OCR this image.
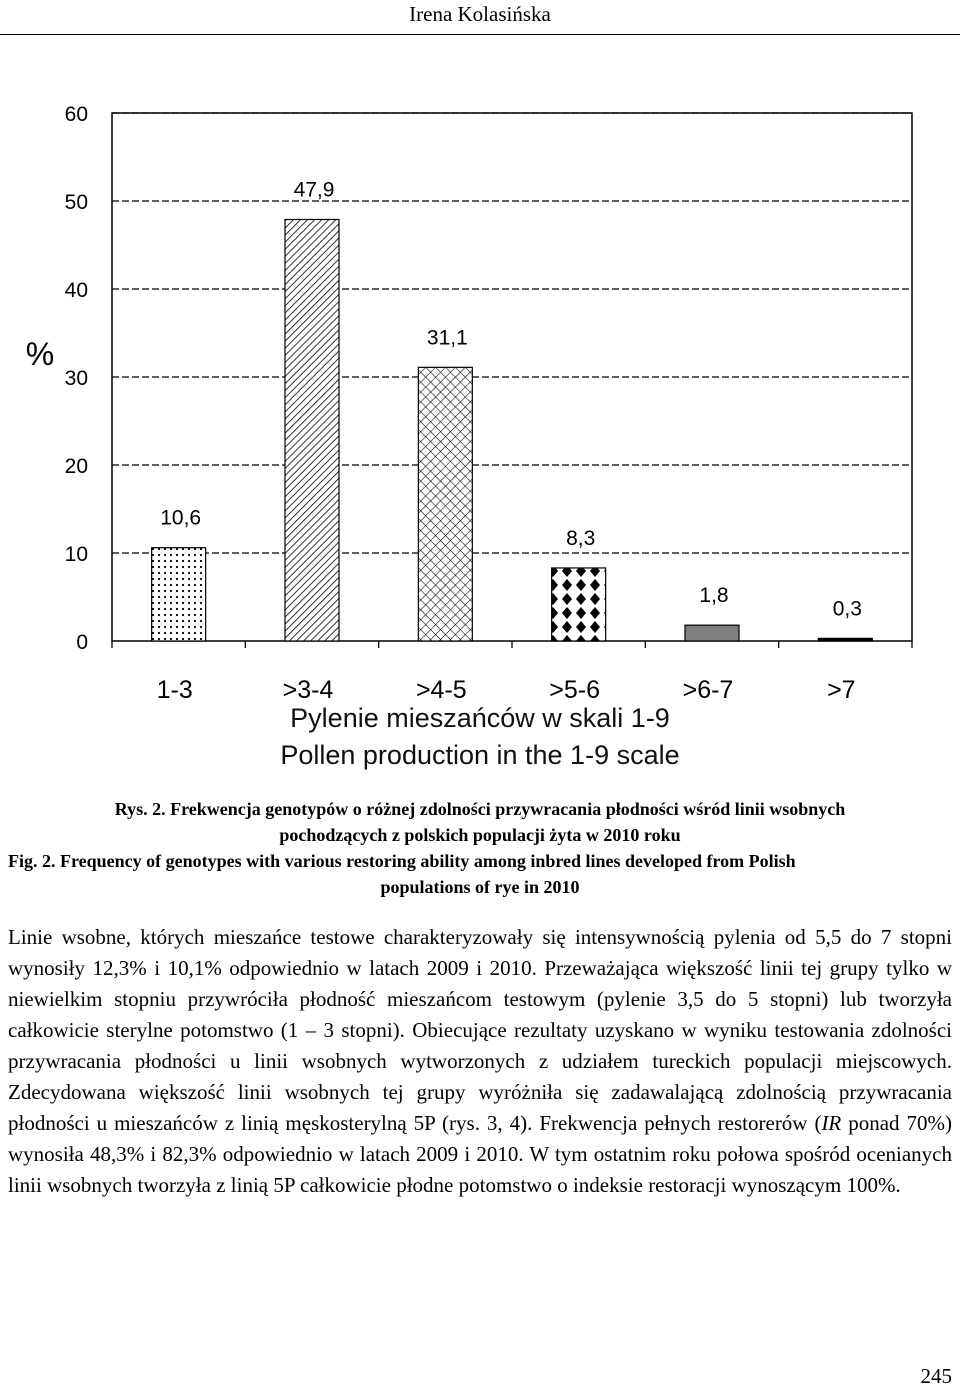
Irena Kolasińska
0
10
20
30
40
50
60
%
10,6
1-3
47,9
>3-4
31,1
>4-5
8,3
>5-6
1,8
>6-7
0,3
>7
Pylenie mieszańców w skali 1-9
Pollen production in the 1-9 scale
Rys. 2. Frekwencja genotypów o różnej zdolności przywracania płodności wśród linii wsobnych
pochodzących z polskich populacji żyta w 2010 roku
Fig. 2. Frequency of genotypes with various restoring ability among inbred lines developed from Polish
populations of rye in 2010

Linie wsobne, których mieszańce testowe charakteryzowały się intensywnością pylenia od 5,5 do 7 stopni wynosiły 12,3% i 10,1% odpowiednio w latach 2009 i 2010. Przeważająca większość linii tej grupy tylko w niewielkim stopniu przywróciła płodność mieszańcom testowym (pylenie 3,5 do 5 stopni) lub tworzyła całkowicie sterylne potomstwo (1 – 3 stopni). Obiecujące rezultaty uzyskano w wyniku testowania zdolności przywracania płodności u linii wsobnych wytworzonych z udziałem tureckich populacji miejscowych. Zdecydowana większość linii wsobnych tej grupy wyróżniła się zadawalającą zdolnością przywracania płodności u mieszańców z linią męskosterylną 5P (rys. 3, 4). Frekwencja pełnych restorerów (IR ponad 70%) wynosiła 48,3% i 82,3% odpowiednio w latach 2009 i 2010. W tym ostatnim roku połowa spośród ocenianych linii wsobnych tworzyła z linią 5P całkowicie płodne potomstwo o indeksie restoracji wynoszącym 100%.

245
